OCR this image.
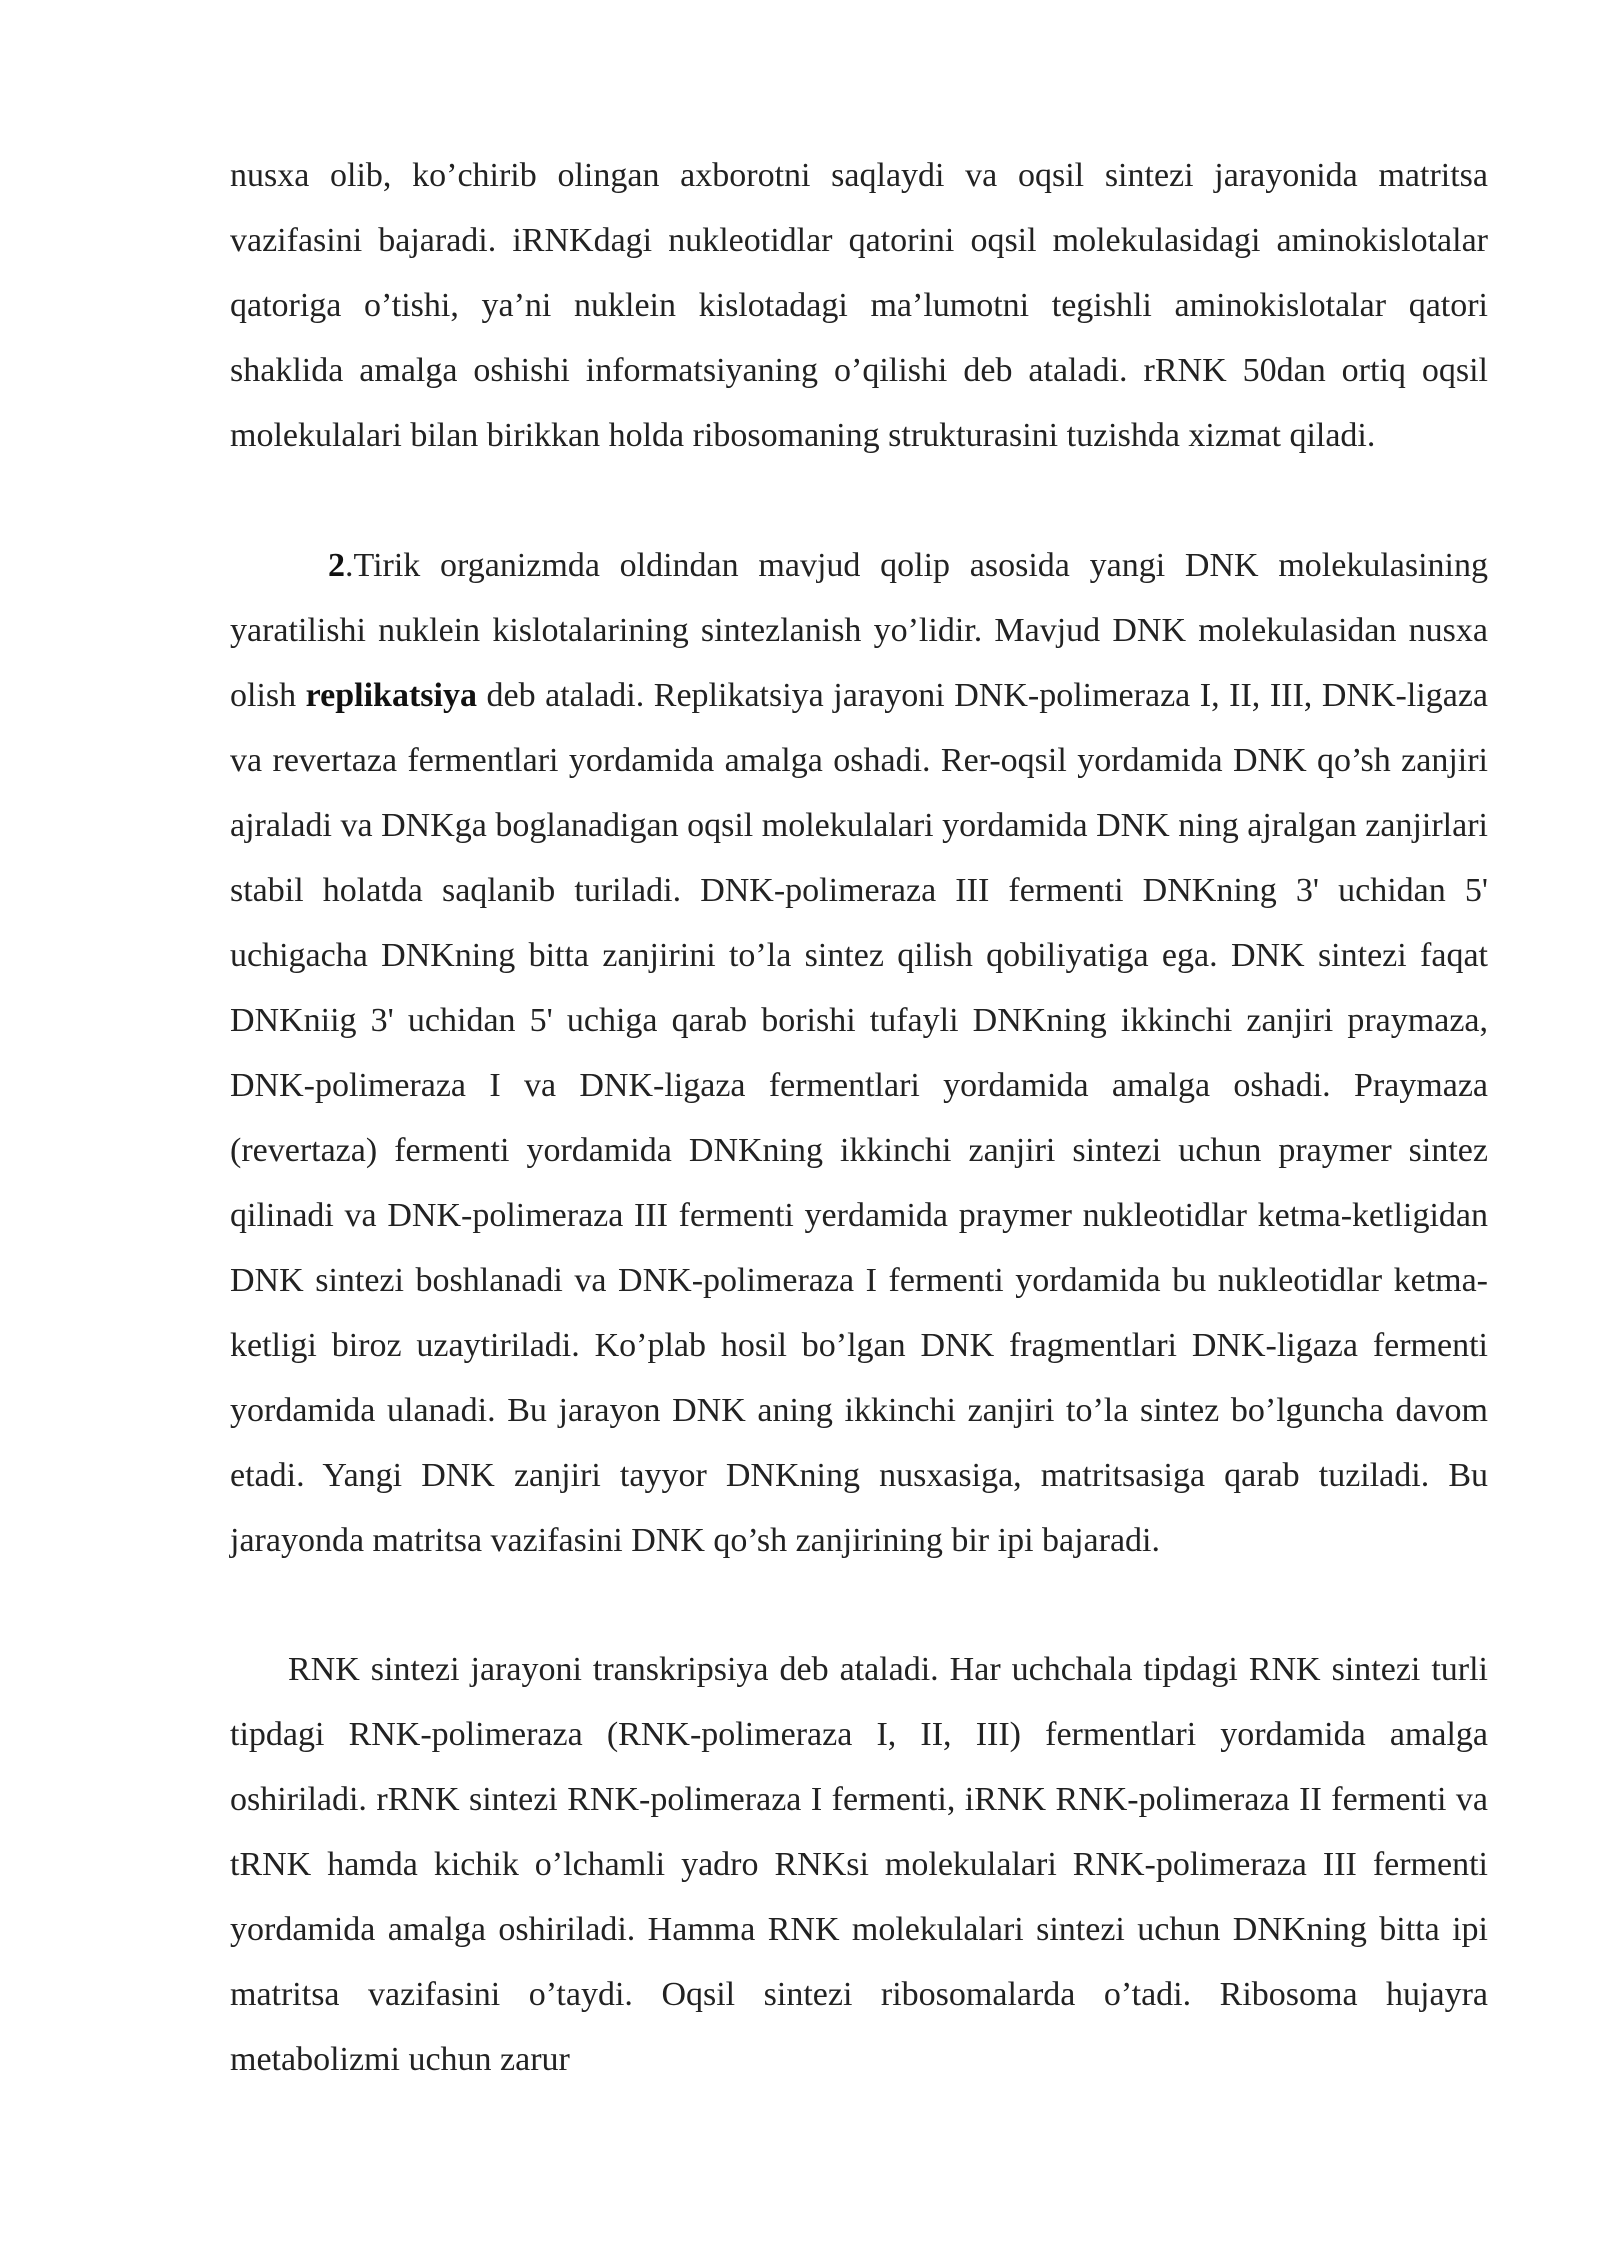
nusxa olib, ko’chirib olingan axborotni saqlaydi va oqsil sintezi jarayonida matritsa vazifasini bajaradi. iRNKdagi nukleotidlar qatorini oqsil molekulasidagi aminokislotalar qatoriga o’tishi, ya’ni nuklein kislotadagi ma’lumotni tegishli aminokislotalar qatori shaklida amalga oshishi informatsiyaning o’qilishi deb ataladi. rRNK 50dan ortiq oqsil molekulalari bilan birikkan holda ribosomaning strukturasini tuzishda xizmat qiladi.

2.Tirik organizmda oldindan mavjud qolip asosida yangi DNK molekulasining yaratilishi nuklein kislotalarining sintezlanish yo’lidir. Mavjud DNK molekulasidan nusxa olish replikatsiya deb ataladi. Replikatsiya jarayoni DNK-polimeraza I, II, III, DNK-ligaza va revertaza fermentlari yordamida amalga oshadi. Rer-oqsil yordamida DNK qo’sh zanjiri ajraladi va DNKga boglanadigan oqsil molekulalari yordamida DNK ning ajralgan zanjirlari stabil holatda saqlanib turiladi. DNK-polimeraza III fermenti DNKning 3' uchidan 5' uchigacha DNKning bitta zanjirini to’la sintez qilish qobiliyatiga ega. DNK sintezi faqat DNKniig 3' uchidan 5' uchiga qarab borishi tufayli DNKning ikkinchi zanjiri praymaza, DNK-polimeraza I va DNK-ligaza fermentlari yordamida amalga oshadi. Praymaza (revertaza) fermenti yordamida DNKning ikkinchi zanjiri sintezi uchun praymer sintez qilinadi va DNK-polimeraza III fermenti yerdamida praymer nukleotidlar ketma-ketligidan DNK sintezi boshlanadi va DNK-polimeraza I fermenti yordamida bu nukleotidlar ketma-ketligi biroz uzaytiriladi. Ko’plab hosil bo’lgan DNK fragmentlari DNK-ligaza fermenti yordamida ulanadi. Bu jarayon DNK aning ikkinchi zanjiri to’la sintez bo’lguncha davom etadi. Yangi DNK zanjiri tayyor DNKning nusxasiga, matritsasiga qarab tuziladi. Bu jarayonda matritsa vazifasini DNK qo’sh zanjirining bir ipi bajaradi.

RNK sintezi jarayoni transkripsiya deb ataladi. Har uchchala tipdagi RNK sintezi turli tipdagi RNK-polimeraza (RNK-polimeraza I, II, III) fermentlari yordamida amalga oshiriladi. rRNK sintezi RNK-polimeraza I fermenti, iRNK RNK-polimeraza II fermenti va tRNK hamda kichik o’lchamli yadro RNKsi molekulalari RNK-polimeraza III fermenti yordamida amalga oshiriladi. Hamma RNK molekulalari sintezi uchun DNKning bitta ipi matritsa vazifasini o’taydi. Oqsil sintezi ribosomalarda o’tadi. Ribosoma hujayra metabolizmi uchun zarur
